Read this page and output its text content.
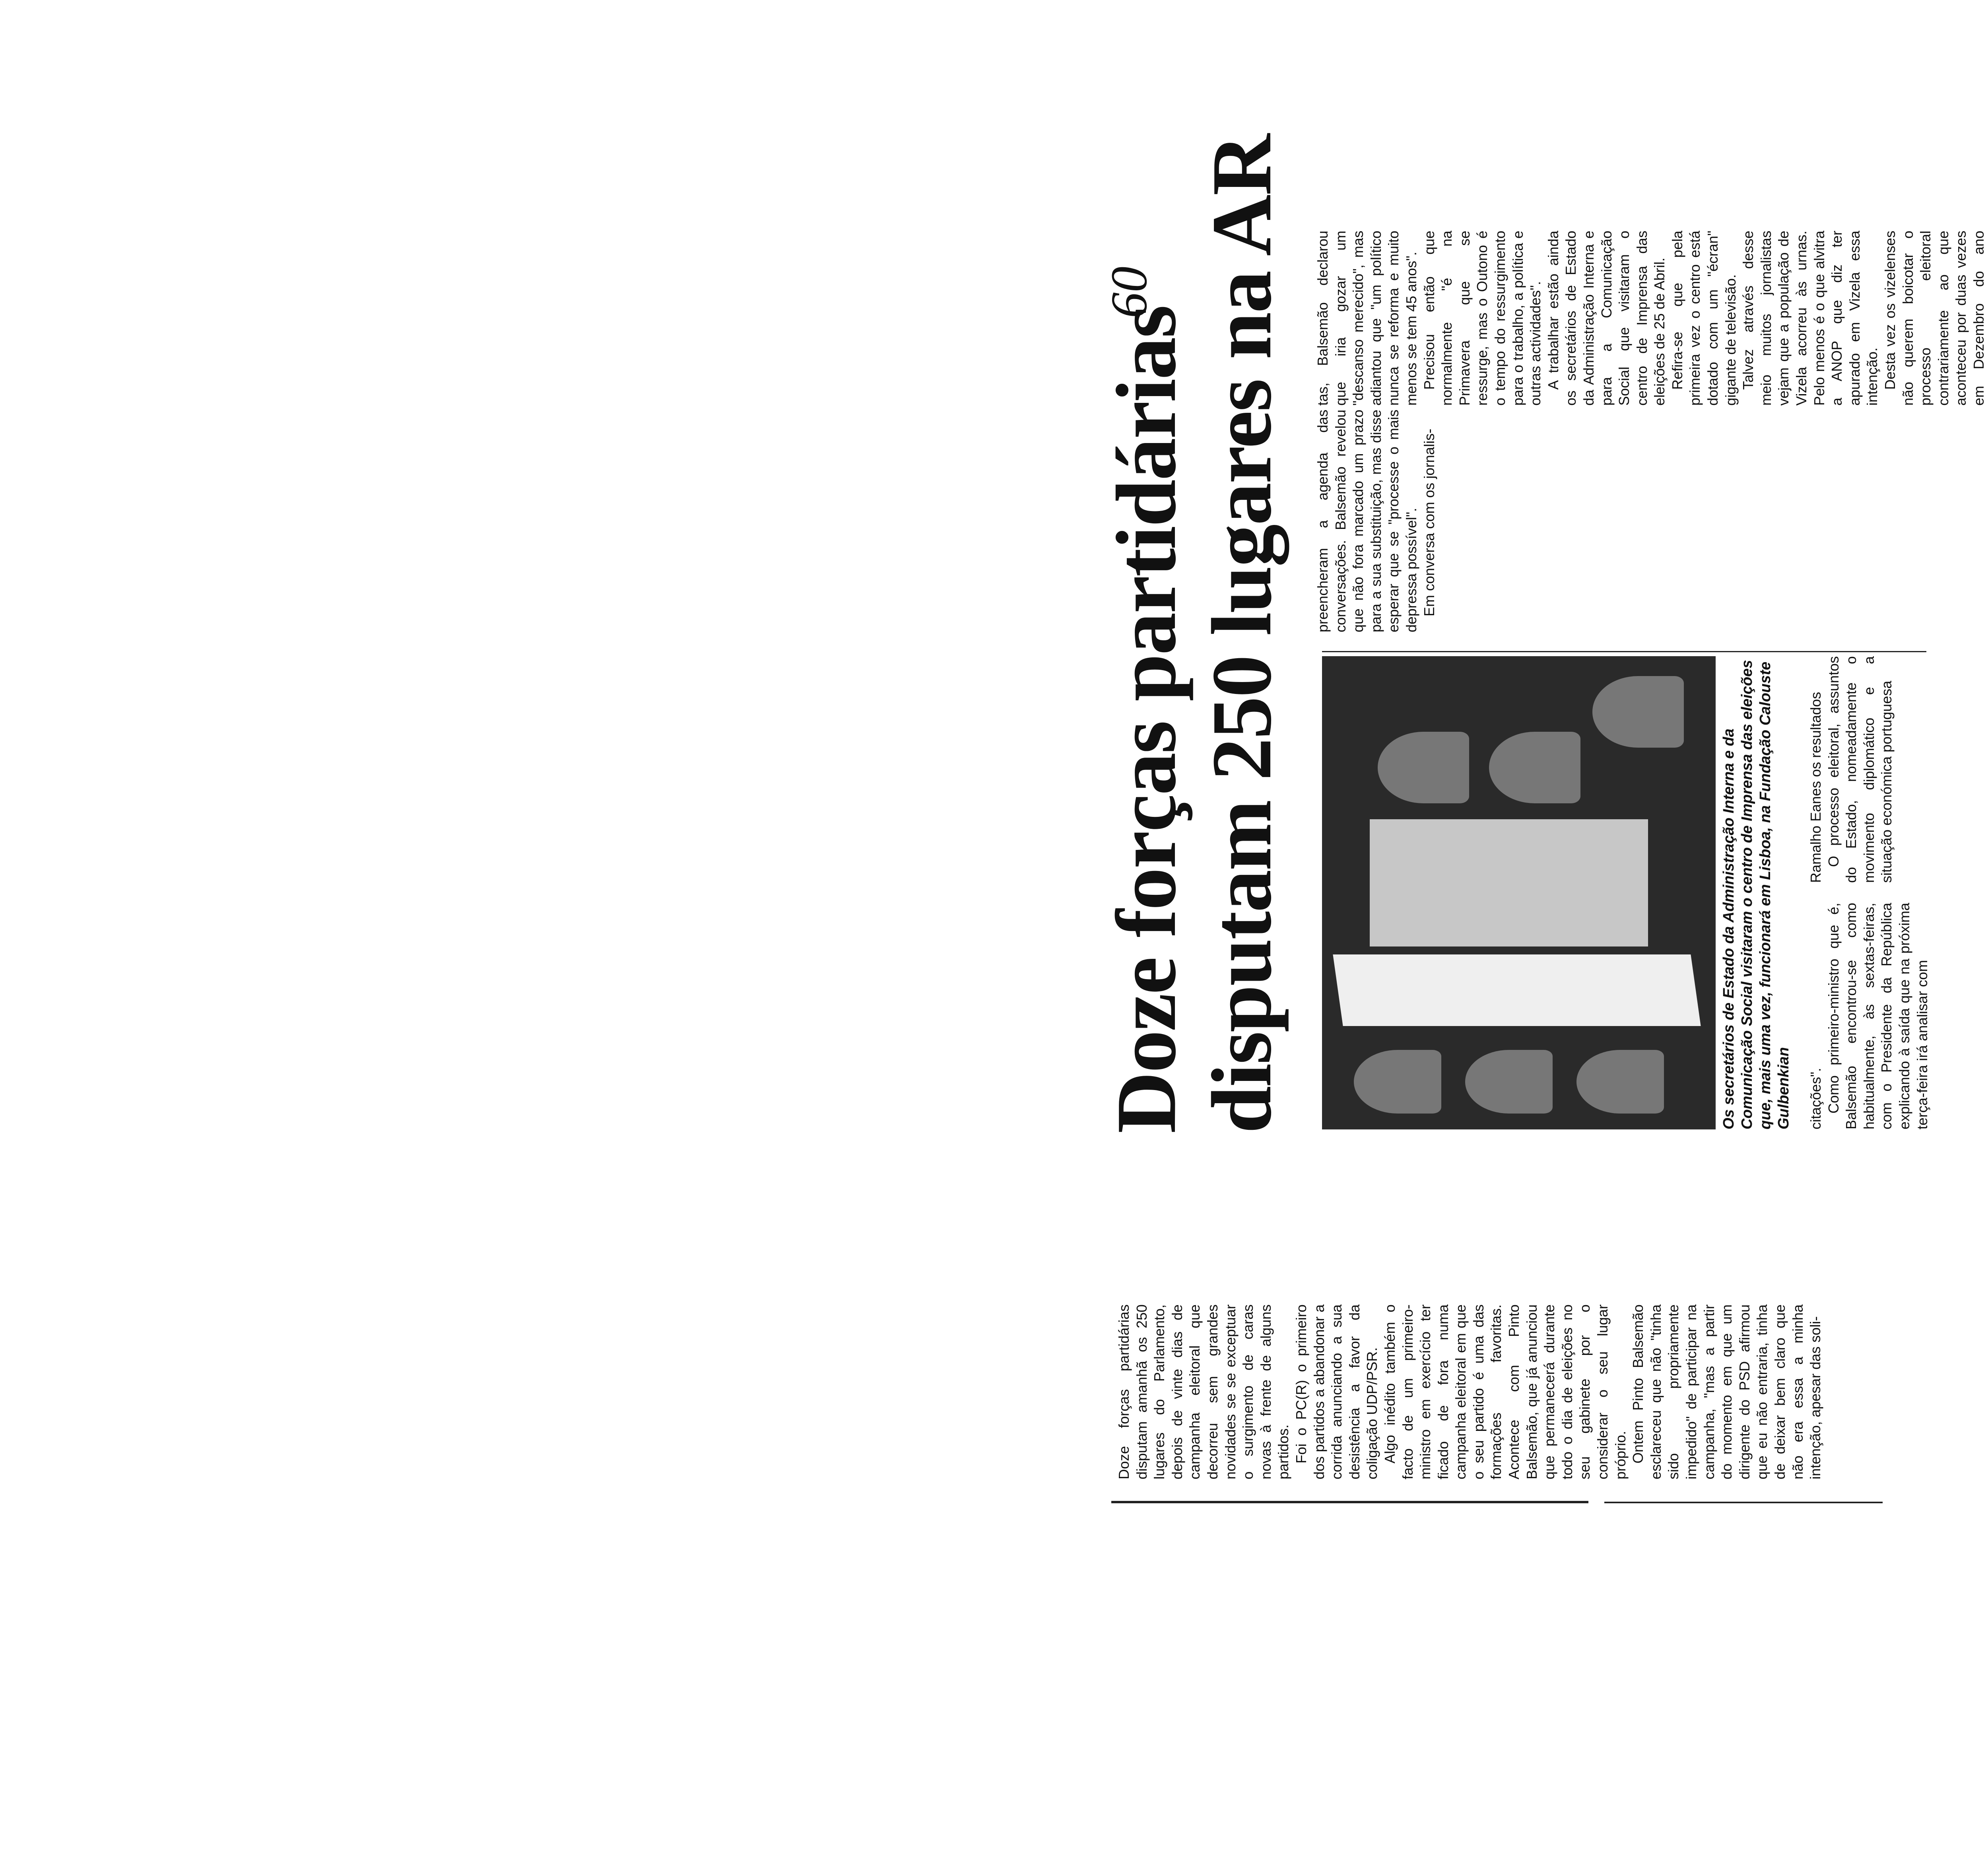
Doze forças partidárias disputam 250 lugares na AR
60

Doze forças partidárias disputam amanhã os 250 lugares do Parlamento, depois de vinte dias de campanha eleitoral que decorreu sem grandes novidades se se exceptuar o surgimento de caras novas à frente de alguns partidos. Foi o PC(R) o primeiro dos partidos a abandonar a corrida anunciando a sua desistência a favor da coligação UDP/PSR. Algo inédito também o facto de um primeiro-ministro em exercício ter ficado de fora numa campanha eleitoral em que o seu partido é uma das formações favoritas. Acontece com Pinto Balsemão, que já anunciou que permanecerá durante todo o dia de eleições no seu gabinete por o considerar o seu lugar próprio. Ontem Pinto Balsemão esclareceu que não "tinha sido propriamente impedido" de participar na campanha, "mas a partir do momento em que um dirigente do PSD afirmou que eu não entraria, tinha de deixar bem claro que não era essa a minha intenção, apesar das soli-

Os secretários de Estado da Administração Interna e da Comunicação Social visitaram o centro de Imprensa das eleições que, mais uma vez, funcionará em Lisboa, na Fundação Calouste Gulbenkian citações". Como primeiro-ministro que é, Balsemão encontrou-se como habitualmente, às sextas-feiras, com o Presidente da República explicando à saída que na próxima terça-feira irá analisar com

Ramalho Eanes os resultados O processo eleitoral, assuntos do Estado, nomeadamente o movimento diplomático e a situação económica portuguesa

preencheram a agenda das conversações. Balsemão revelou que não fora marcado um prazo para a sua substituição, mas disse esperar que se "processe o mais depressa possível". Em conversa com os jornalis-

tas, Balsemão declarou que iria gozar um "descanso merecido", mas adiantou que "um político nunca se reforma e muito menos se tem 45 anos". Precisou então que normalmente "é na Primavera que se ressurge, mas o Outono é o tempo do ressurgimento para o trabalho, a política e outras actividades". A trabalhar estão ainda os secretários de Estado da Administração Interna e para a Comunicação Social que visitaram o centro de Imprensa das eleições de 25 de Abril. Refira-se que pela primeira vez o centro está dotado com um "écran" gigante de televisão. Talvez através desse meio muitos jornalistas vejam que a população de Vizela acorreu às urnas. Pelo menos é o que alvitra a ANOP que diz ter apurado em Vizela essa intenção. Desta vez os vizelenses não querem boicotar o processo eleitoral contrariamente ao que aconteceu por duas vezes em Dezembro do ano
